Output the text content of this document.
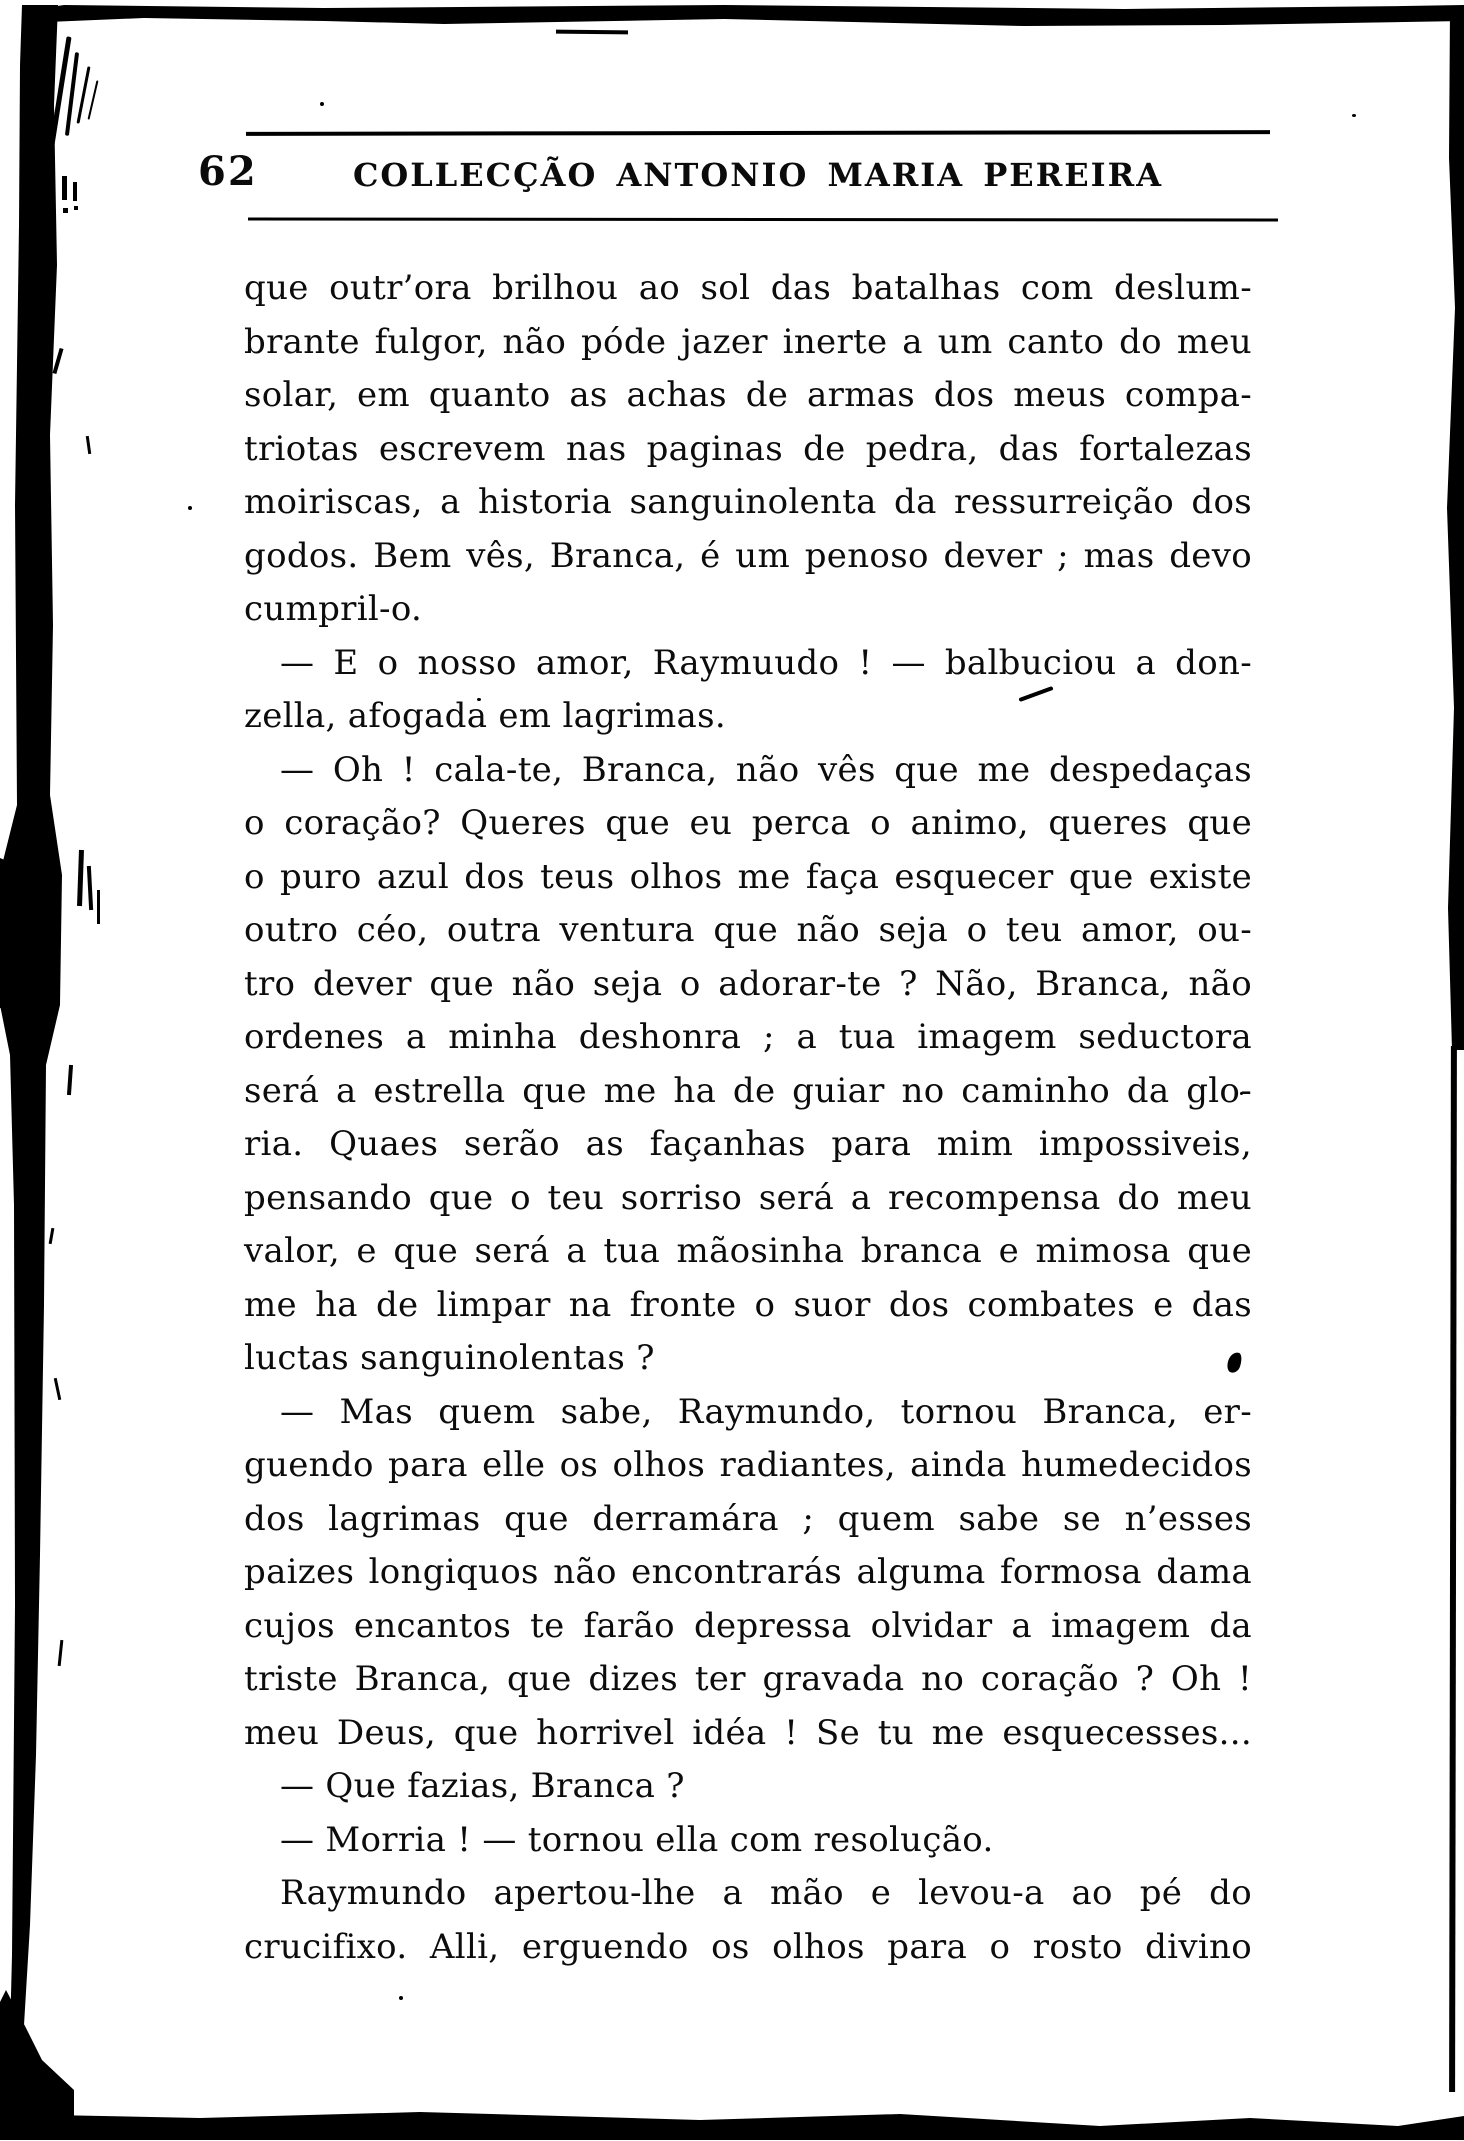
62	COLLECÇÃO ANTONIO MARIA PEREIRA
que outr’ora brilhou ao sol das batalhas com deslum-
brante fulgor, não póde jazer inerte a um canto do meu
solar, em quanto as achas de armas dos meus compa-
triotas escrevem nas paginas de pedra, das fortalezas
moiriscas, a historia sanguinolenta da ressurreição dos
godos. Bem vês, Branca, é um penoso dever ; mas devo
cumpril-o.
— E o nosso amor, Raymuudo ! — balbuciou a don-
zella, afogada em lagrimas.
— Oh ! cala-te, Branca, não vês que me despedaças
o coração? Queres que eu perca o animo, queres que
o puro azul dos teus olhos me faça esquecer que existe
outro céo, outra ventura que não seja o teu amor, ou-
tro dever que não seja o adorar-te ? Não, Branca, não
ordenes a minha deshonra ; a tua imagem seductora
será a estrella que me ha de guiar no caminho da glo-
ria. Quaes serão as façanhas para mim impossiveis,
pensando que o teu sorriso será a recompensa do meu
valor, e que será a tua mãosinha branca e mimosa que
me ha de limpar na fronte o suor dos combates e das
luctas sanguinolentas ?
— Mas quem sabe, Raymundo, tornou Branca, er-
guendo para elle os olhos radiantes, ainda humedecidos
dos lagrimas que derramára ; quem sabe se n’esses
paizes longiquos não encontrarás alguma formosa dama
cujos encantos te farão depressa olvidar a imagem da
triste Branca, que dizes ter gravada no coração ? Oh !
meu Deus, que horrivel idéa ! Se tu me esquecesses...
— Que fazias, Branca ?
— Morria ! — tornou ella com resolução.
Raymundo apertou-lhe a mão e levou-a ao pé do
crucifixo. Alli, erguendo os olhos para o rosto divino
